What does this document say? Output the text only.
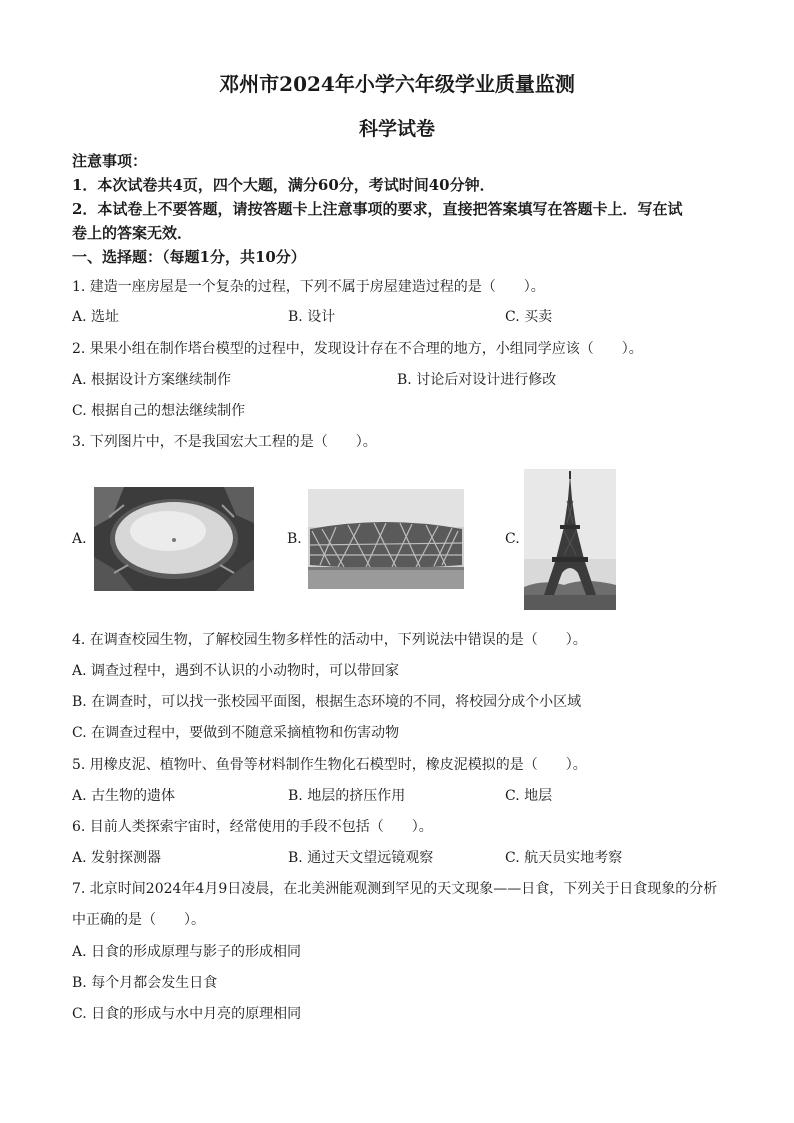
邓州市2024年小学六年级学业质量监测
科学试卷
注意事项：
1．本次试卷共4页，四个大题，满分60分，考试时间40分钟．
2．本试卷上不要答题，请按答题卡上注意事项的要求，直接把答案填写在答题卡上．写在试
卷上的答案无效．
一、选择题：（每题1分，共10分）
1. 建造一座房屋是一个复杂的过程，下列不属于房屋建造过程的是（　　）。
A. 选址	B. 设计	C. 买卖
2. 果果小组在制作塔台模型的过程中，发现设计存在不合理的地方，小组同学应该（　　）。
A. 根据设计方案继续制作	B. 讨论后对设计进行修改
C. 根据自己的想法继续制作
3. 下列图片中，不是我国宏大工程的是（　　）。
A.	B.	C.
4. 在调查校园生物，了解校园生物多样性的活动中，下列说法中错误的是（　　）。
A. 调查过程中，遇到不认识的小动物时，可以带回家
B. 在调查时，可以找一张校园平面图，根据生态环境的不同，将校园分成个小区域
C. 在调查过程中，要做到不随意采摘植物和伤害动物
5. 用橡皮泥、植物叶、鱼骨等材料制作生物化石模型时，橡皮泥模拟的是（　　）。
A. 古生物的遗体	B. 地层的挤压作用	C. 地层
6. 目前人类探索宇宙时，经常使用的手段不包括（　　）。
A. 发射探测器	B. 通过天文望远镜观察	C. 航天员实地考察
7. 北京时间2024年4月9日凌晨，在北美洲能观测到罕见的天文现象——日食，下列关于日食现象的分析
中正确的是（　　）。
A. 日食的形成原理与影子的形成相同
B. 每个月都会发生日食
C. 日食的形成与水中月亮的原理相同
